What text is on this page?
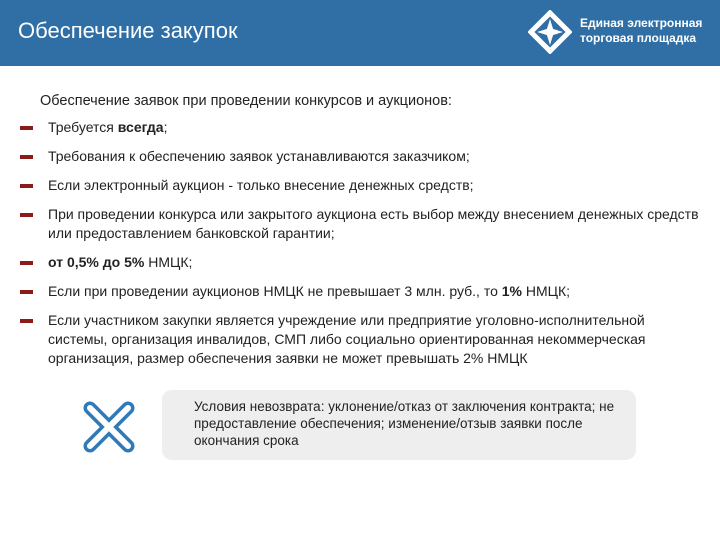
Обеспечение закупок	Единая электронная
торговая площадка
Обеспечение заявок при проведении конкурсов и аукционов:
Требуется всегда;
Требования к обеспечению заявок устанавливаются заказчиком;
Если электронный аукцион - только внесение денежных средств;
При проведении конкурса или закрытого аукциона есть выбор между внесением денежных средств или предоставлением банковской гарантии;
от 0,5% до 5% НМЦК;
Если при проведении аукционов НМЦК не превышает 3 млн. руб., то 1% НМЦК;
Если участником закупки является учреждение или предприятие уголовно-исполнительной системы, организация инвалидов, СМП либо социально ориентированная некоммерческая организация, размер обеспечения заявки не может превышать 2% НМЦК
Условия невозврата: уклонение/отказ от заключения контракта; не предоставление обеспечения; изменение/отзыв заявки после окончания срока
